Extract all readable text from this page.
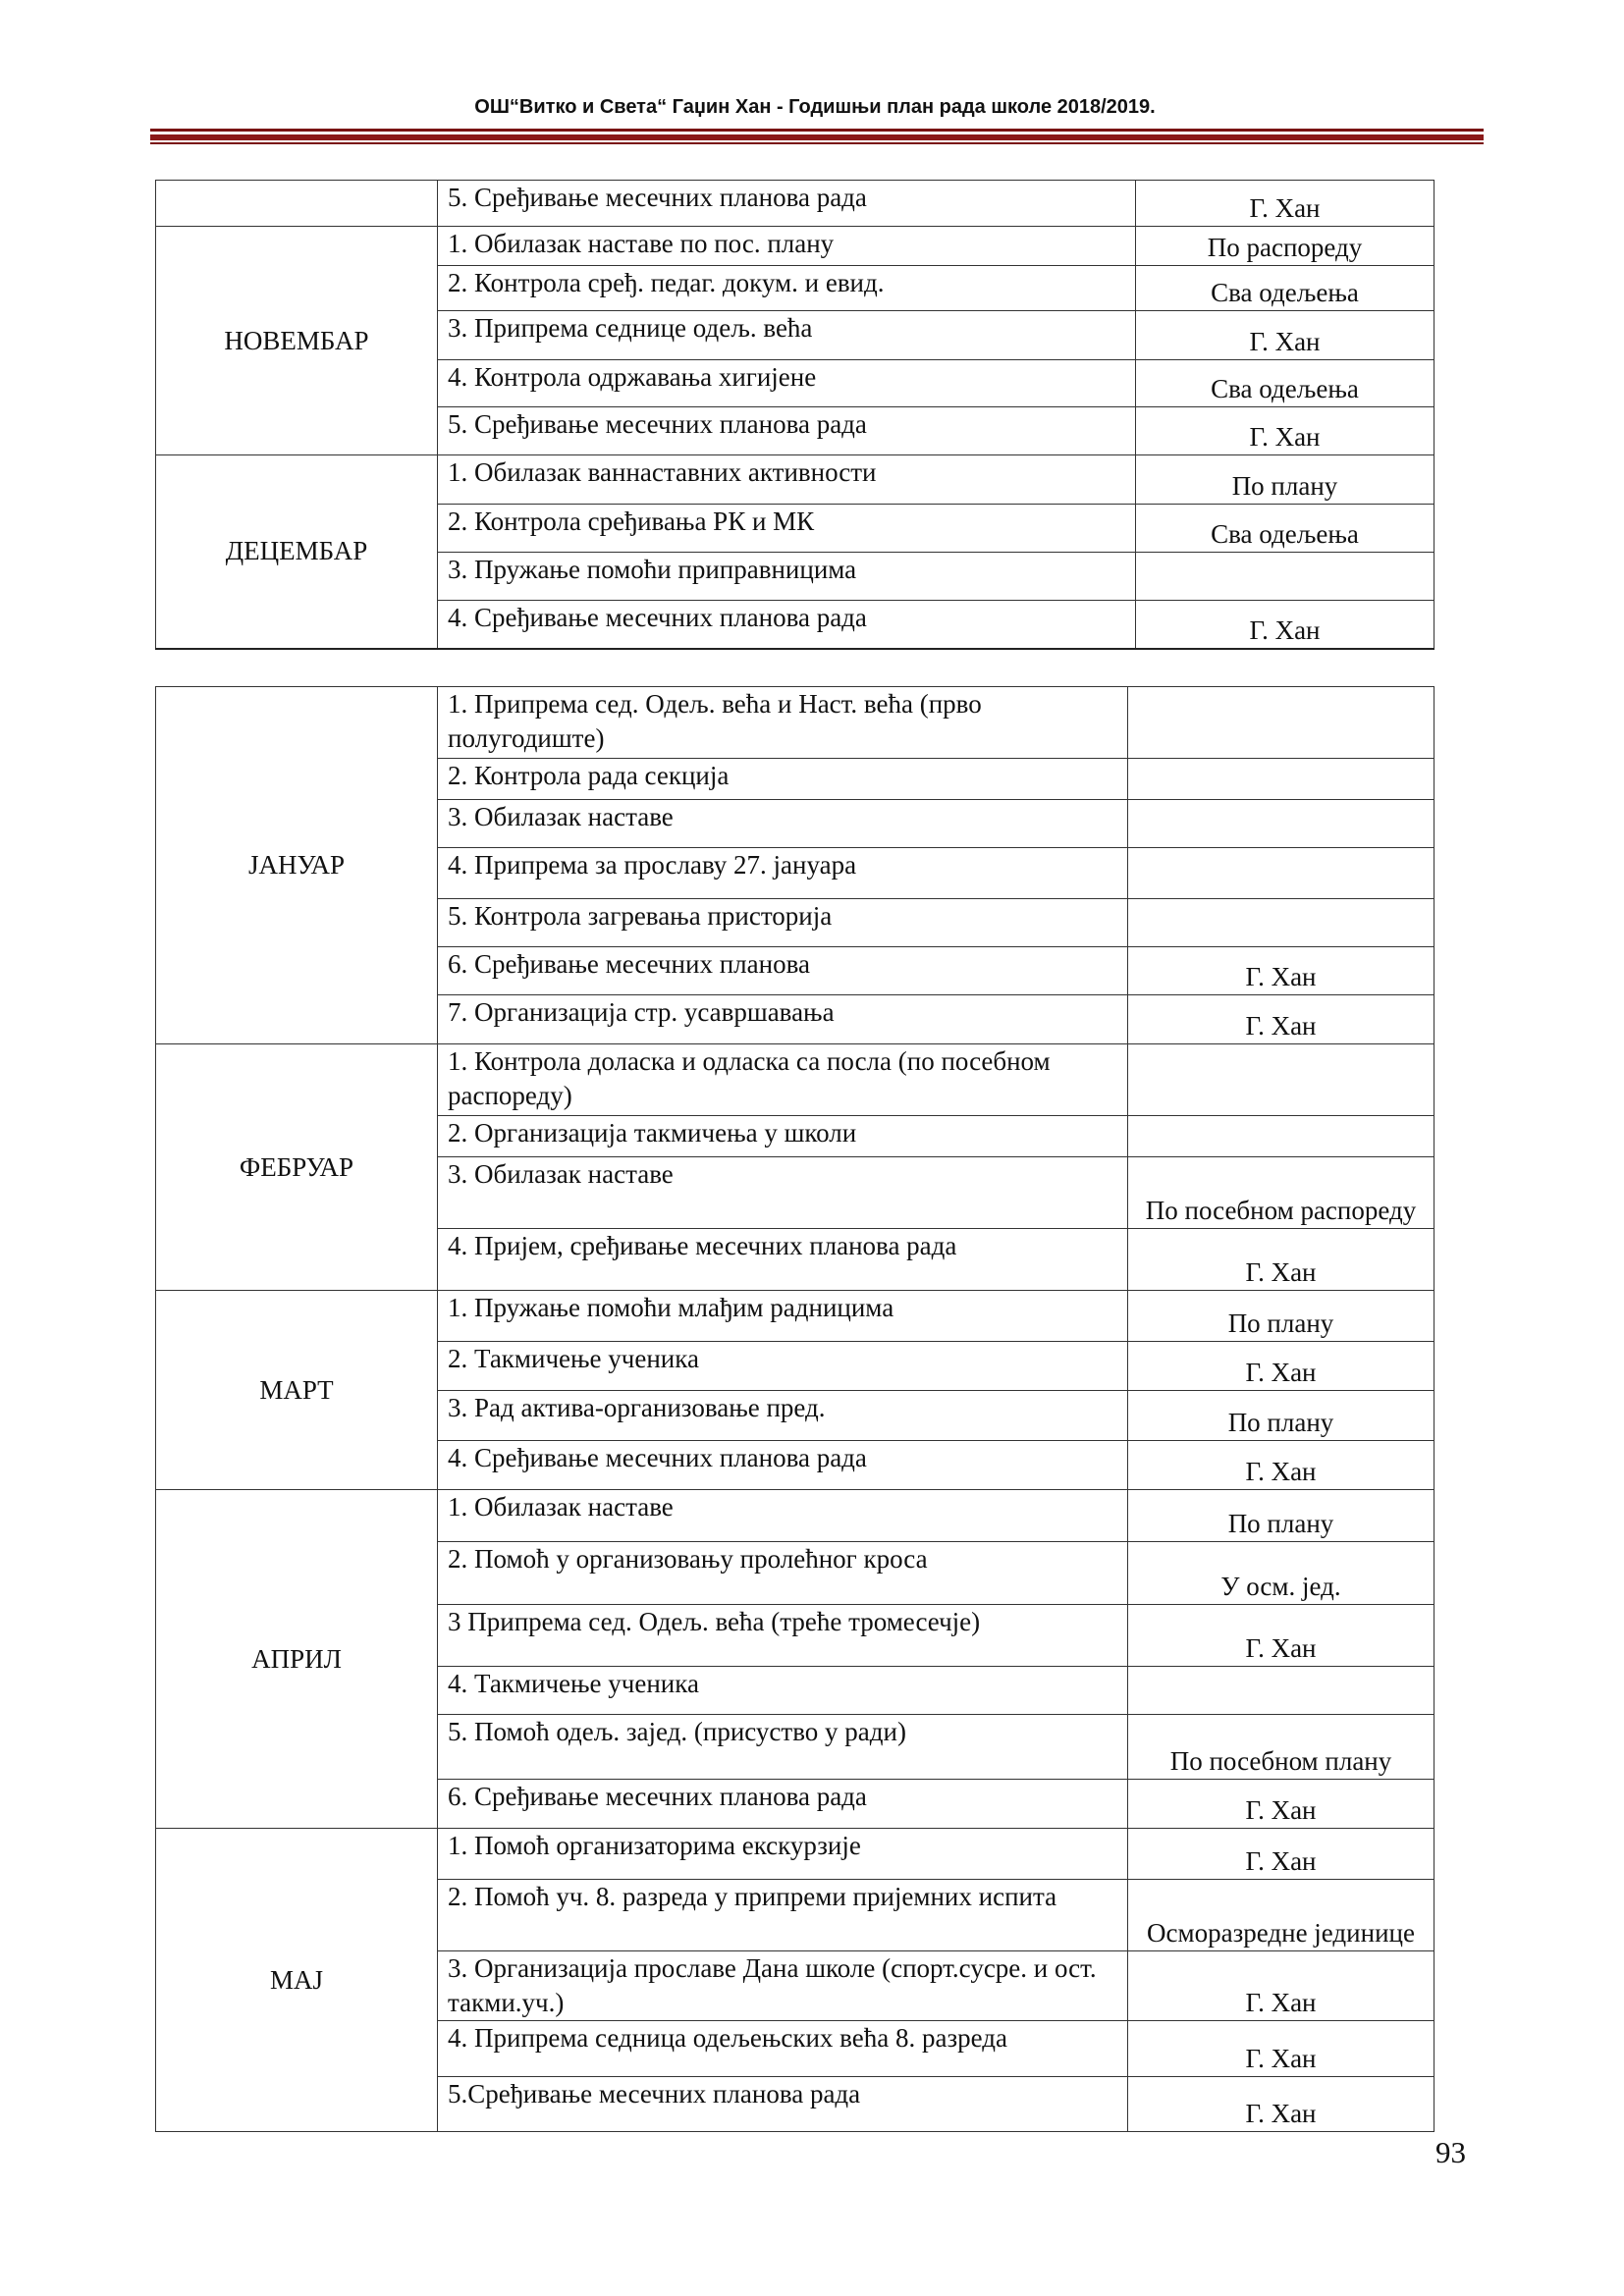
ОШ“Витко и Света“ Гаџин Хан - Годишњи план рада школе 2018/2019.
	5. Сређивање месечних планова рада	Г. Хан
НОВЕМБАР	1. Обилазак наставе по пос. плану	По распореду
	2. Контрола сређ. педаг. докум. и евид.	Сва одељења
	3. Припрема седнице одељ. већа	Г. Хан
	4. Контрола одржавања хигијене	Сва одељења
	5. Сређивање месечних планова рада	Г. Хан
ДЕЦЕМБАР	1. Обилазак ваннаставних активности	По плану
	2. Контрола сређивања РК и МК	Сва одељења
	3. Пружање помоћи приправницима	
	4. Сређивање месечних планова рада	Г. Хан
ЈАНУАР	1. Припрема сед. Одељ. већа и Наст. већа (прво полугодиште)	
	2. Контрола рада секција	
	3. Обилазак наставе	
	4. Припрема за прославу 27. јануара	
	5. Контрола загревања присторија	
	6. Сређивање месечних планова	Г. Хан
	7. Организација стр. усавршавања	Г. Хан
ФЕБРУАР	1. Контрола доласка и одласка са посла (по посебном распореду)	
	2. Организација такмичења у школи	
	3. Обилазак наставе	По посебном распореду
	4. Пријем, сређивање месечних планова рада	Г. Хан
МАРТ	1. Пружање помоћи млађим радницима	По плану
	2. Такмичење ученика	Г. Хан
	3. Рад актива-организовање пред.	По плану
	4. Сређивање месечних планова рада	Г. Хан
АПРИЛ	1. Обилазак наставе	По плану
	2. Помоћ у организовању пролећног кроса	У осм. јед.
	3 Припрема сед. Одељ. већа (треће тромесечје)	Г. Хан
	4. Такмичење ученика	
	5. Помоћ одељ. заjед. (присуство у ради)	По посебном плану
	6. Сређивање месечних планова рада	Г. Хан
МАЈ	1. Помоћ организаторима екскурзије	Г. Хан
	2. Помоћ уч. 8. разреда у припреми пријемних испита	Осморазредне јединице
	3. Организација прославе Дана школе (спорт.сусре. и ост. такми.уч.)	Г. Хан
	4. Припрема седница одељењских већа 8. разреда	Г. Хан
	5.Сређивање месечних планова рада	Г. Хан
93
